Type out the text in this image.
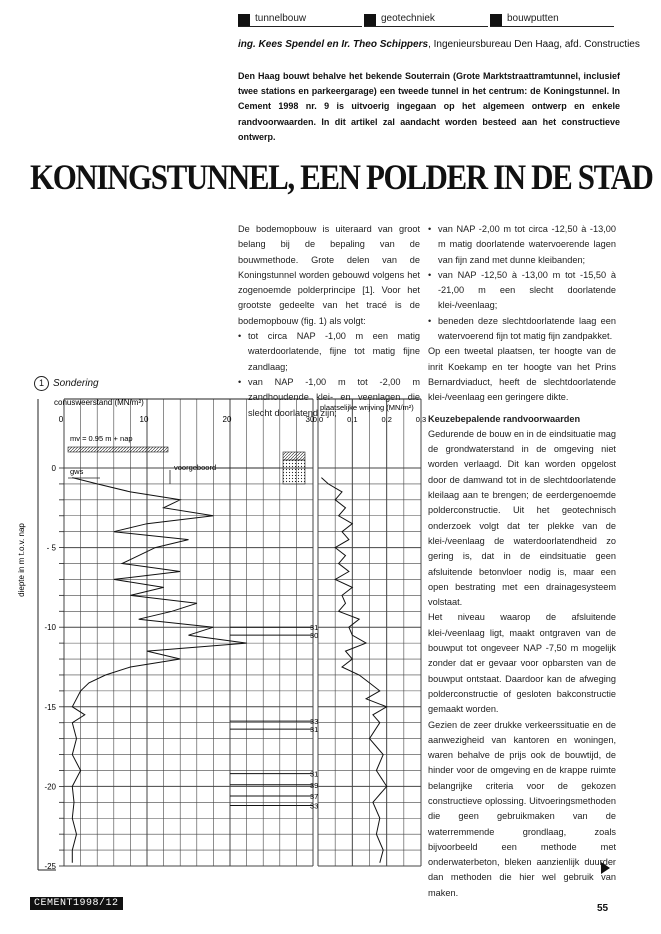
tunnelbouw	geotechniek	bouwputten
ing. Kees Spendel en Ir. Theo Schippers, Ingenieursbureau Den Haag, afd. Constructies
Den Haag bouwt behalve het bekende Souterrain (Grote Marktstraattramtunnel, inclusief twee stations en parkeergarage) een tweede tunnel in het centrum: de Koningstunnel. In Cement 1998 nr. 9 is uitvoerig ingegaan op het algemeen ontwerp en enkele randvoorwaarden. In dit artikel zal aandacht worden besteed aan het constructieve ontwerp.
KONINGSTUNNEL, EEN POLDER IN DE STAD

De bodemopbouw is uiteraard van groot belang bij de bepaling van de bouwmethode. Grote delen van de Koningstunnel worden gebouwd volgens het zogenoemde polderprincipe [1]. Voor het grootste gedeelte van het tracé is de bodemopbouw (fig. 1) als volgt:

• tot circa NAP -1,00 m een matig waterdoorlatende, fijne tot matig fijne zandlaag;
• van NAP -1,00 m tot -2,00 m zandhoudende klei- en veenlagen die slecht doorlatend zijn;
• van NAP -2,00 m tot circa -12,50 à -13,00 m matig doorlatende watervoerende lagen van fijn zand met dunne kleibanden;
• van NAP -12,50 à -13,00 m tot -15,50 à -21,00 m een slecht doorlatende klei-/veenlaag;
• beneden deze slechtdoorlatende laag een watervoerend fijn tot matig fijn zandpakket.

Op een tweetal plaatsen, ter hoogte van de inrit Koekamp en ter hoogte van het Prins Bernardviaduct, heeft de slechtdoorlatende klei-/veenlaag een geringere dikte.

Keuzebepalende randvoorwaarden

Gedurende de bouw en in de eindsituatie mag de grondwaterstand in de omgeving niet worden verlaagd. Dit kan worden opgelost door de damwand tot in de slechtdoorlatende kleilaag aan te brengen; de eerdergenoemde polderconstructie. Uit het geotechnisch onderzoek volgt dat ter plekke van de klei-/veenlaag de waterdoorlatendheid zo gering is, dat in de eindsituatie geen afsluitende betonvloer nodig is, maar een open bestrating met een drainagesysteem volstaat.

Het niveau waarop de afsluitende klei-/veenlaag ligt, maakt ontgraven van de bouwput tot ongeveer NAP -7,50 m mogelijk zonder dat er gevaar voor opbarsten van de bouwput ontstaat. Daardoor kan de afweging polderconstructie of gesloten bakconstructie gemaakt worden.

Gezien de zeer drukke verkeerssituatie en de aanwezigheid van kantoren en woningen, waren behalve de prijs ook de bouwtijd, de hinder voor de omgeving en de krappe ruimte belangrijke criteria voor de gekozen constructieve oplossing. Uitvoeringsmethoden die geen gebruikmaken van de waterremmende grondlaag, zoals bijvoorbeeld een methode met onderwaterbeton, bleken aanzienlijk duurder dan methoden die hier wel gebruik van maken.

1 Sondering
conusweerstand (MN/m²)
plaatselijke wrijving (MN/m²)
0	10	20	30
0,0	0,1	0,2	0,3
0
- 5
-10
-15
-20
-25
diepte in m t.o.v. nap
mv = 0.95 m + nap
gws	voorgeboord
31
30
33
31
31
39
37
33
CEMENT1998/12	55
